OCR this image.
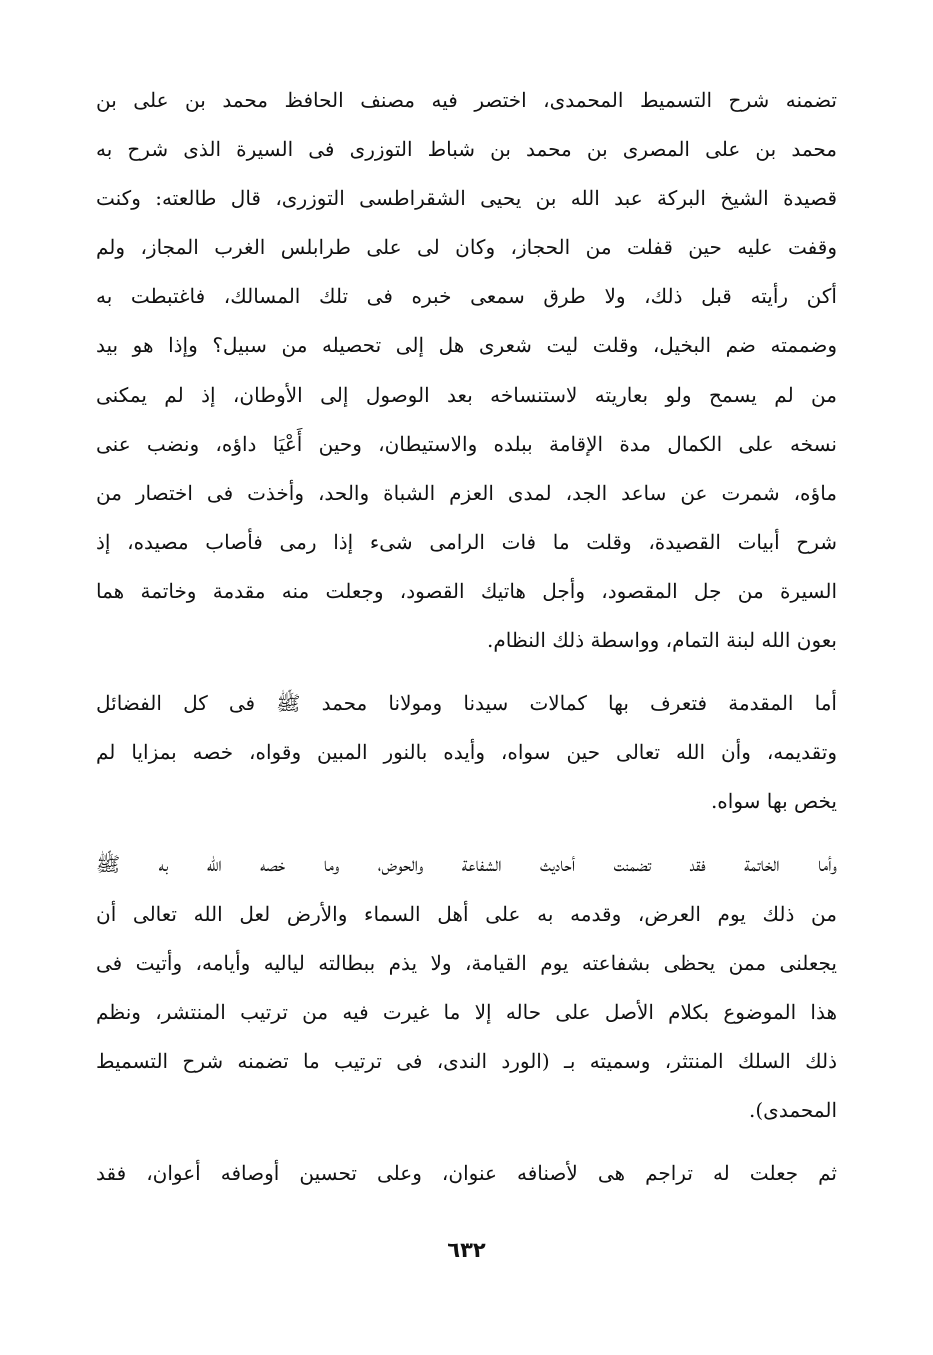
تضمنه شرح التسميط المحمدى، اختصر فيه مصنف الحافظ محمد بن على بن
محمد بن على المصرى بن محمد بن شباط التوزرى فى السيرة الذى شرح به
قصيدة الشيخ البركة عبد الله بن يحيى الشقراطسى التوزرى، قال طالعته: وكنت
وقفت عليه حين قفلت من الحجاز، وكان لى على طرابلس الغرب المجاز، ولم
أكن رأيته قبل ذلك، ولا طرق سمعى خبره فى تلك المسالك، فاغتبطت به
وضممته ضم البخيل، وقلت ليت شعرى هل إلى تحصيله من سبيل؟ وإذا هو بيد
من لم يسمح ولو بعاريته لاستنساخه بعد الوصول إلى الأوطان، إذ لم يمكنى
نسخه على الكمال مدة الإقامة ببلده والاستيطان، وحين أَعْيَا داؤه، ونضب عنى
ماؤه، شمرت عن ساعد الجد، لمدى العزم الشباة والحد، وأخذت فى اختصار من
شرح أبيات القصيدة، وقلت ما فات الرامى شىء إذا رمى فأصاب مصيده، إذ
السيرة من جل المقصود، وأجل هاتيك القصود، وجعلت منه مقدمة وخاتمة هما
بعون الله لبنة التمام، وواسطة ذلك النظام.
أما المقدمة فتعرف بها كمالات سيدنا ومولانا محمد ﷺ فى كل الفضائل
وتقديمه، وأن الله تعالى حين سواه، وأيده بالنور المبين وقواه، خصه بمزايا لم
يخص بها سواه.
وأما الخاتمة فقد تضمنت أحاديث الشفاعة والحوض، وما خصه الله به ﷺ
من ذلك يوم العرض، وقدمه به على أهل السماء والأرض لعل الله تعالى أن
يجعلنى ممن يحظى بشفاعته يوم القيامة، ولا يذم ببطالته لياليه وأيامه، وأتيت فى
هذا الموضوع بكلام الأصل على حاله إلا ما غيرت فيه من ترتيب المنتشر، ونظم
ذلك السلك المنتثر، وسميته بـ (الورد الندى، فى ترتيب ما تضمنه شرح التسميط
المحمدى).
ثم جعلت له تراجم هى لأصنافه عنوان، وعلى تحسين أوصافه أعوان، فقد
٦٣٢
